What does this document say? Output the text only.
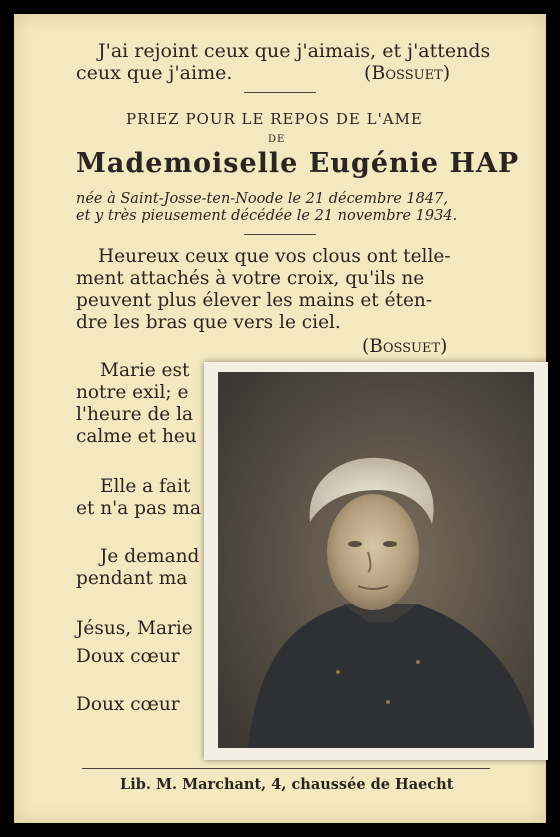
J'ai rejoint ceux que j'aimais, et j'attends
ceux que j'aime.	(Bossuet)
PRIEZ POUR LE REPOS DE L'AME
DE
Mademoiselle Eugénie HAP
née à Saint-Josse-ten-Noode le 21 décembre 1847,
et y très pieusement décédée le 21 novembre 1934.
Heureux ceux que vos clous ont telle-
ment attachés à votre croix, qu'ils ne
peuvent plus élever les mains et éten-
dre les bras que vers le ciel.
(Bossuet)
Marie est
notre exil; e
l'heure de la
calme et heu
Elle a fait
et n'a pas ma
Je demand
pendant ma
Jésus, Marie
Doux cœur
Doux cœur
Lib. M. Marchant, 4, chaussée de Haecht
